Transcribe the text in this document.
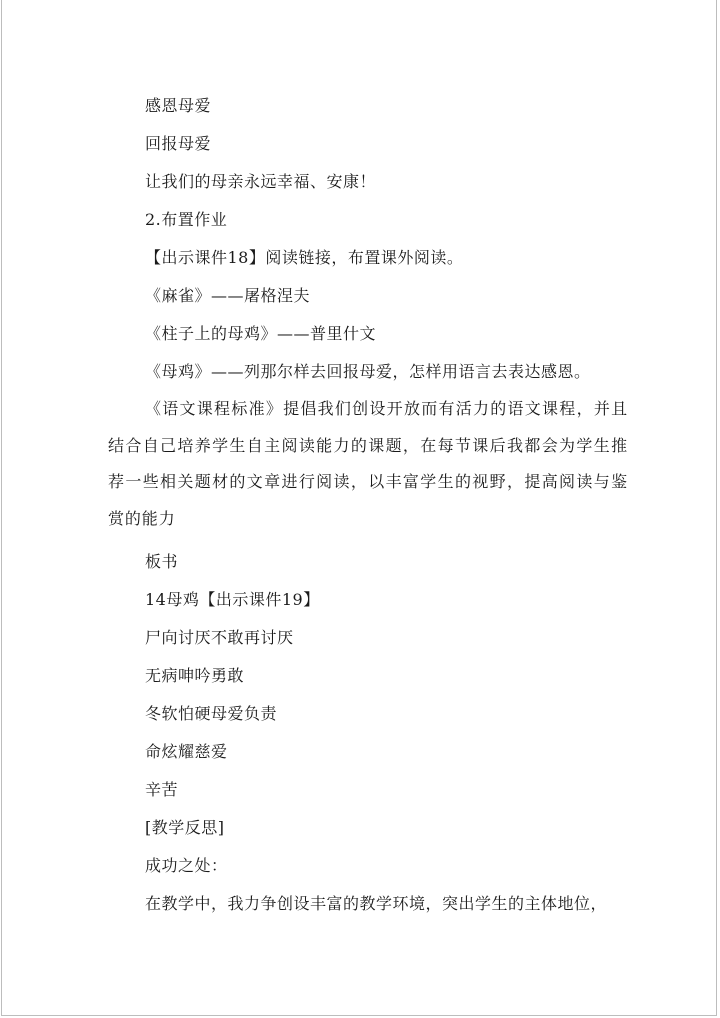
感恩母爱
回报母爱
让我们的母亲永远幸福、安康！
2.布置作业
【出示课件18】阅读链接，布置课外阅读。
《麻雀》——屠格涅夫
《柱子上的母鸡》——普里什文
《母鸡》——列那尔样去回报母爱，怎样用语言去表达感恩。
《语文课程标准》提倡我们创设开放而有活力的语文课程，并且结合自己培养学生自主阅读能力的课题，在每节课后我都会为学生推荐一些相关题材的文章进行阅读，以丰富学生的视野，提高阅读与鉴赏的能力
板书
14母鸡【出示课件19】
尸向讨厌不敢再讨厌
无病呻吟勇敢
冬软怕硬母爱负责
命炫耀慈爱
辛苦
[教学反思]
成功之处：
在教学中，我力争创设丰富的教学环境，突出学生的主体地位，
